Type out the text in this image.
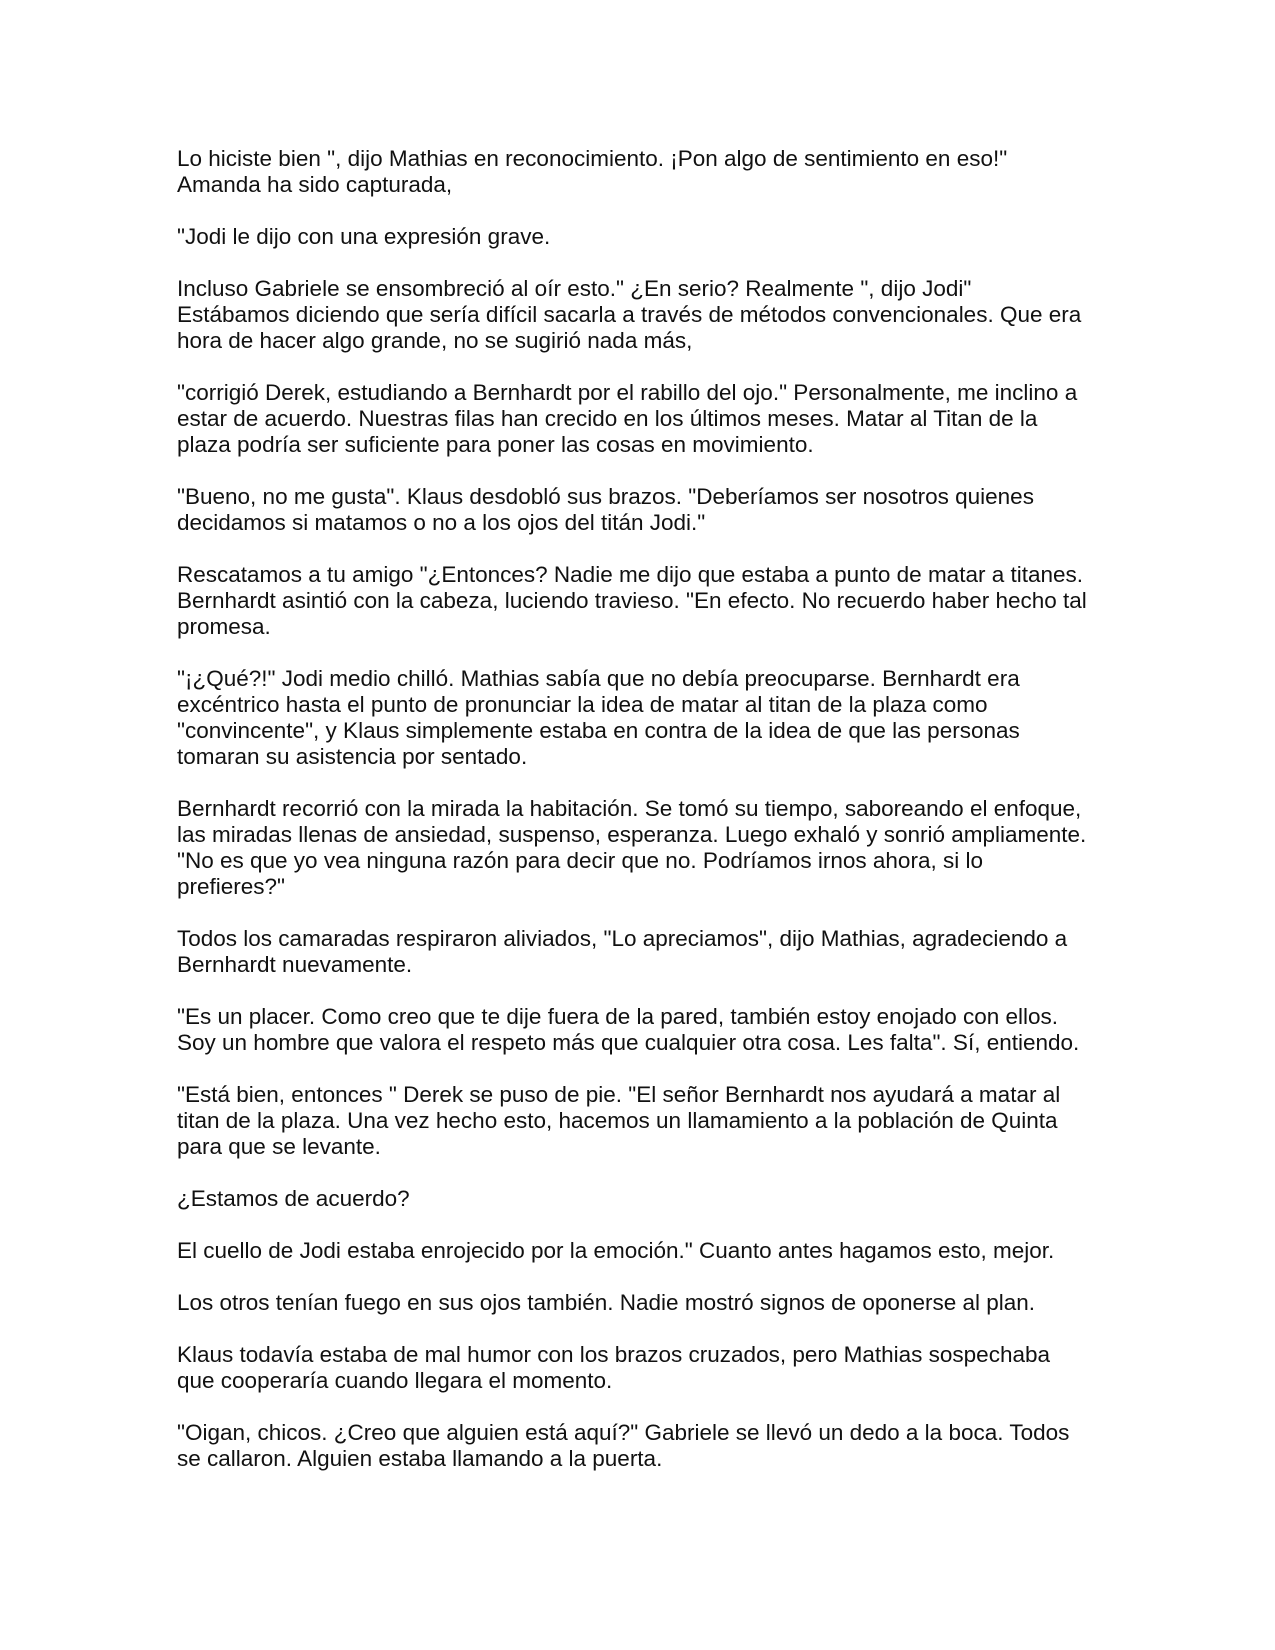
Lo hiciste bien ", dijo Mathias en reconocimiento. ¡Pon algo de sentimiento en eso!"
Amanda ha sido capturada,

"Jodi le dijo con una expresión grave.

Incluso Gabriele se ensombreció al oír esto." ¿En serio? Realmente ", dijo Jodi"
Estábamos diciendo que sería difícil sacarla a través de métodos convencionales. Que era
hora de hacer algo grande, no se sugirió nada más,

"corrigió Derek, estudiando a Bernhardt por el rabillo del ojo." Personalmente, me inclino a
estar de acuerdo. Nuestras filas han crecido en los últimos meses. Matar al Titan de la
plaza podría ser suficiente para poner las cosas en movimiento.

"Bueno, no me gusta". Klaus desdobló sus brazos. "Deberíamos ser nosotros quienes
decidamos si matamos o no a los ojos del titán Jodi."

Rescatamos a tu amigo "¿Entonces? Nadie me dijo que estaba a punto de matar a titanes.
Bernhardt asintió con la cabeza, luciendo travieso. "En efecto. No recuerdo haber hecho tal
promesa.

"¡¿Qué?!" Jodi medio chilló. Mathias sabía que no debía preocuparse. Bernhardt era
excéntrico hasta el punto de pronunciar la idea de matar al titan de la plaza como
"convincente", y Klaus simplemente estaba en contra de la idea de que las personas
tomaran su asistencia por sentado.

Bernhardt recorrió con la mirada la habitación. Se tomó su tiempo, saboreando el enfoque,
las miradas llenas de ansiedad, suspenso, esperanza. Luego exhaló y sonrió ampliamente.
"No es que yo vea ninguna razón para decir que no. Podríamos irnos ahora, si lo
prefieres?"

Todos los camaradas respiraron aliviados, "Lo apreciamos", dijo Mathias, agradeciendo a
Bernhardt nuevamente.

"Es un placer. Como creo que te dije fuera de la pared, también estoy enojado con ellos.
Soy un hombre que valora el respeto más que cualquier otra cosa. Les falta". Sí, entiendo.

"Está bien, entonces " Derek se puso de pie. "El señor Bernhardt nos ayudará a matar al
titan de la plaza. Una vez hecho esto, hacemos un llamamiento a la población de Quinta
para que se levante.

¿Estamos de acuerdo?

El cuello de Jodi estaba enrojecido por la emoción." Cuanto antes hagamos esto, mejor.

Los otros tenían fuego en sus ojos también. Nadie mostró signos de oponerse al plan.

Klaus todavía estaba de mal humor con los brazos cruzados, pero Mathias sospechaba
que cooperaría cuando llegara el momento.

"Oigan, chicos. ¿Creo que alguien está aquí?" Gabriele se llevó un dedo a la boca. Todos
se callaron. Alguien estaba llamando a la puerta.
